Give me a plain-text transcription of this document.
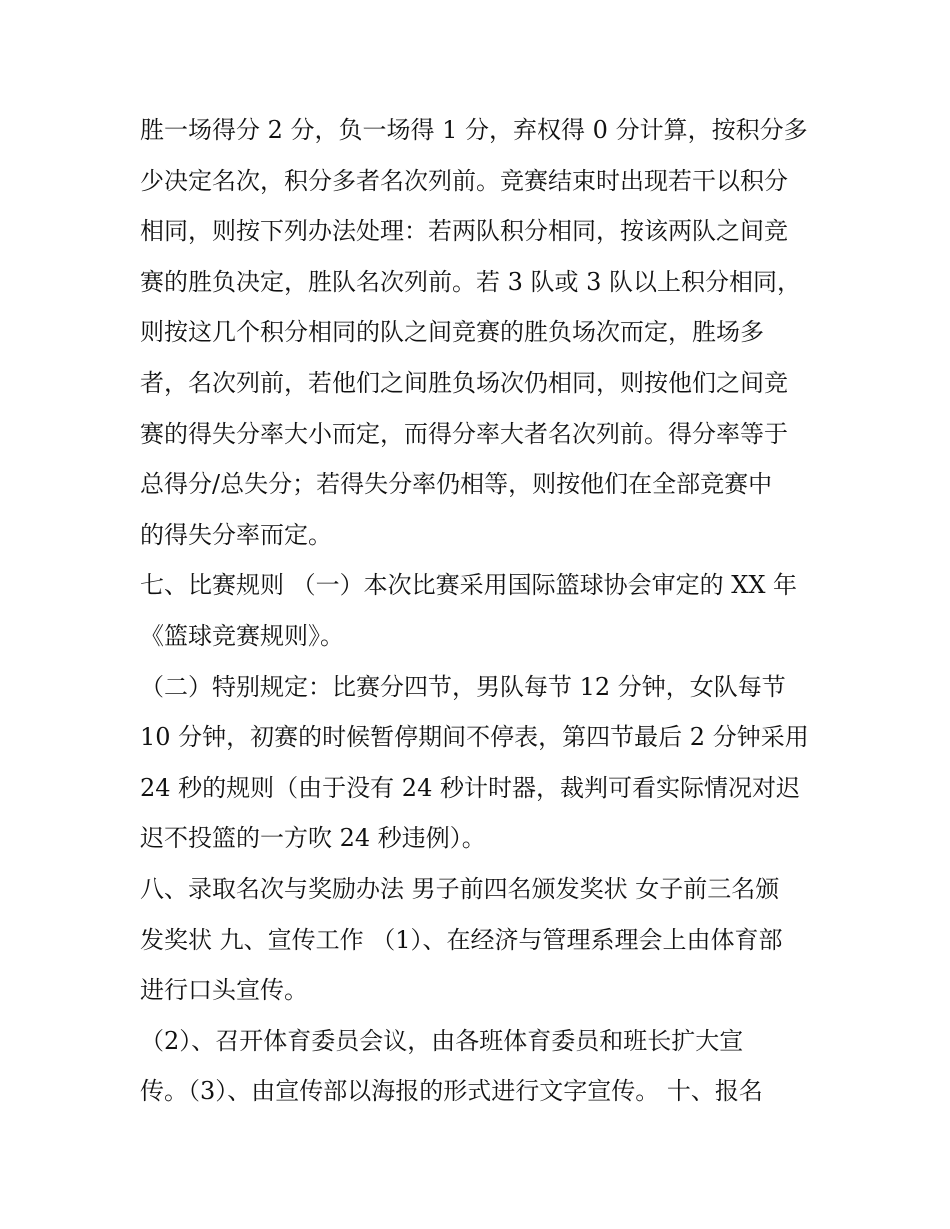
胜一场得分 2 分，负一场得 1 分，弃权得 0 分计算，按积分多
少决定名次，积分多者名次列前。竞赛结束时出现若干以积分
相同，则按下列办法处理：若两队积分相同，按该两队之间竞
赛的胜负决定，胜队名次列前。若 3 队或 3 队以上积分相同，
则按这几个积分相同的队之间竞赛的胜负场次而定，胜场多
者，名次列前，若他们之间胜负场次仍相同，则按他们之间竞
赛的得失分率大小而定，而得分率大者名次列前。得分率等于
总得分/总失分；若得失分率仍相等，则按他们在全部竞赛中
的得失分率而定。
七、比赛规则 （一）本次比赛采用国际篮球协会审定的 XX 年
《篮球竞赛规则》。
（二）特别规定：比赛分四节，男队每节 12 分钟，女队每节
10 分钟，初赛的时候暂停期间不停表，第四节最后 2 分钟采用
24 秒的规则（由于没有 24 秒计时器，裁判可看实际情况对迟
迟不投篮的一方吹 24 秒违例）。
八、录取名次与奖励办法 男子前四名颁发奖状 女子前三名颁
发奖状 九、宣传工作 （1）、在经济与管理系理会上由体育部
进行口头宣传。
（2）、召开体育委员会议，由各班体育委员和班长扩大宣
传。（3）、由宣传部以海报的形式进行文字宣传。 十、报名
